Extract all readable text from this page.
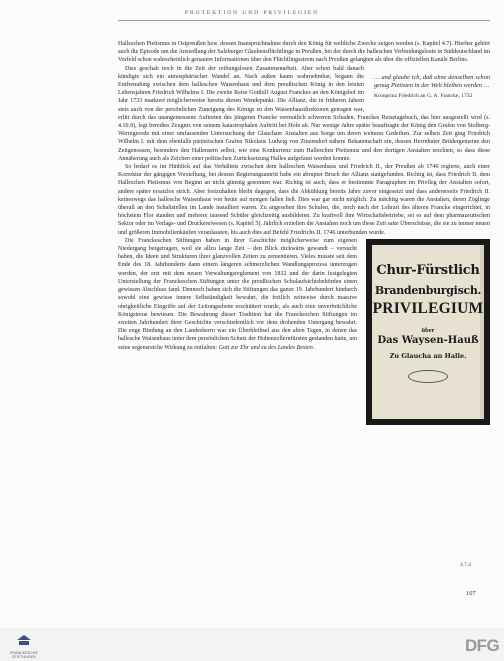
PROTEKTION UND PRIVILEGIEN

Halleschen Pietismus in Ostpreußen bzw. dessen Inanspruchnahme durch den König für weltliche Zwecke zeigen werden (s. Kapitel 4.7). Hierher gehört auch die Episode um die Ansiedlung der Salzburger Glaubensflüchtlinge in Preußen, bei der durch die halleschen Verbindungsleute in Süddeutschland im Vorfeld schon wahrscheinlich genauere Informationen über den Flüchtlingsstrom nach Preußen gelangten als über die offiziellen Kanäle Berlins.

… und glaube ich, daß ohne denselben schon genug Pietisten in der Welt bleiben werden …
Kronprinz Friedrich an G. A. Francke, 1732

Dies geschah noch in die Zeit der reibungslosen Zusammenarbeit. Aber schon bald danach kündigte sich ein atmosphärischer Wandel an. Nach außen kaum wahrnehmbar, begann die Entfremdung zwischen dem halleschen Waisenhaus und dem preußischen König in den letzten Lebensjahren Friedrich Wilhelms I. Die zweite Reise Gotthilf August Franckes an den Königshof im Jahr 1733 markiert möglicherweise bereits diesen Wendepunkt. Die Allianz, die in früheren Jahren stets auch von der persönlichen Zuneigung des Königs zu den Waisenhausdirektoren getragen war, erlitt durch das unangemessene Auftreten des jüngeren Francke vermutlich schweren Schaden. Franckes Reisetagebuch, das hier ausgestellt wird (s. 4.10.9), legt beredtes Zeugnis von seinem katastrophalen Auftritt bei Hofe ab. Nur wenige Jahre später beauftragte der König den Grafen von Stolberg-Wernigerode mit einer umfassenden Untersuchung der Glauchaer Anstalten aus Sorge um deren weiteres Gedeihen. Zur selben Zeit ging Friedrich Wilhelm I. mit dem ebenfalls pietistischen Grafen Nikolaus Ludwig von Zinzendorf nähere Bekanntschaft ein, dessen Herrnhuter Brüdergemeine den Zeitgenossen, besonders den Hallensern selbst, wie eine Konkurrenz zum Halleschen Pietismus und den dortigen Anstalten erschien, so dass diese Annäherung auch als Zeichen einer politischen Zurücksetzung Halles aufgefasst werden konnte.

So bedarf es im Hinblick auf das Verhältnis zwischen dem halleschen Waisenhaus und Friedrich II., der Preußen ab 1740 regierte, auch einer Korrektur der gängigen Vorstellung, bei dessen Regierungsantritt habe ein abrupter Bruch der Allianz stattgefunden. Richtig ist, dass Friedrich II. dem Halleschen Pietismus von Beginn an nicht günstig gesonnen war. Richtig ist auch, dass er bestimmte Paragraphen im Privileg der Anstalten sofort, andere später ersatzlos strich. Aber festzuhalten bleibt dagegen, dass die Abkühlung bereits Jahre zuvor eingesetzt und dass andererseits Friedrich II. keineswegs das hallesche Waisenhaus von heute auf morgen fallen ließ. Dies war gar nicht möglich. Zu mächtig waren die Anstalten, deren Zöglinge überall an den Schaltstellen im Lande installiert waren. Zu angesehen ihre Schulen, die, noch nach der Lehrart des älteren Francke eingerichtet, in höchstem Flor standen und mehrere tausend Schüler gleichzeitig ausbildeten. Zu kraftvoll ihre Wirtschaftsbetriebe, sei es auf dem pharmazeutischen Sektor oder im Verlags- und Druckereiwesen (s. Kapitel 5). Jährlich erzielten die Anstalten noch um diese Zeit satte Überschüsse, die sie zu immer neuen und größeren Immobilienkäufen veranlassten, bis auch dies auf Befehl Friedrichs II. 1746 unterbunden wurde.

Chur-Fürstlich
Brandenburgisch.
PRIVILEGIUM
über
Das Waysen-Hauß
Zu Glaucha an Halle.

Die Franckeschen Stiftungen haben in ihrer Geschichte möglicherweise zum eigenen Niedergang beigetragen, weil sie allzu lange Zeit – den Blick rückwärts gewandt – versucht haben, die Ideen und Strukturen ihrer glanzvollen Zeiten zu zementieren. Vieles musste seit dem Ende des 18. Jahrhunderts dann einem längeren schmerzlichen Wandlungsprozess unterzogen werden, der erst mit dem neuen Verwaltungsreglement von 1832 und der darin festgelegten Unterstellung der Franckeschen Stiftungen unter die preußischen Schulaufsichtsbehörden einen gewissen Abschluss fand. Dennoch haben sich die Stiftungen das ganze 19. Jahrhundert hindurch sowohl eine gewisse innere Selbständigkeit bewahrt, die freilich zeitweise durch massive obrigkeitliche Eingriffe auf der Leitungsebene erschüttert wurde, als auch eine unverbrüchliche Königstreue bewiesen. Die Bewahrung dieser Tradition hat die Franckeschen Stiftungen im zweiten Jahrhundert ihrer Geschichte verschiedentlich vor dem drohenden Untergang bewahrt. Die enge Bindung an den Landesherrn war ein Überbleibsel aus den alten Tagen, in denen das hallesche Waisenhaus unter dem persönlichen Schutz der Hohenzollernfürsten gestanden hatte, um seine segensreiche Wirkung zu entfalten: Gott zur Ehr und zu des Landes Besten.

4.7.4
107
FRANCKESCHE
STIFTUNGEN
DFG
